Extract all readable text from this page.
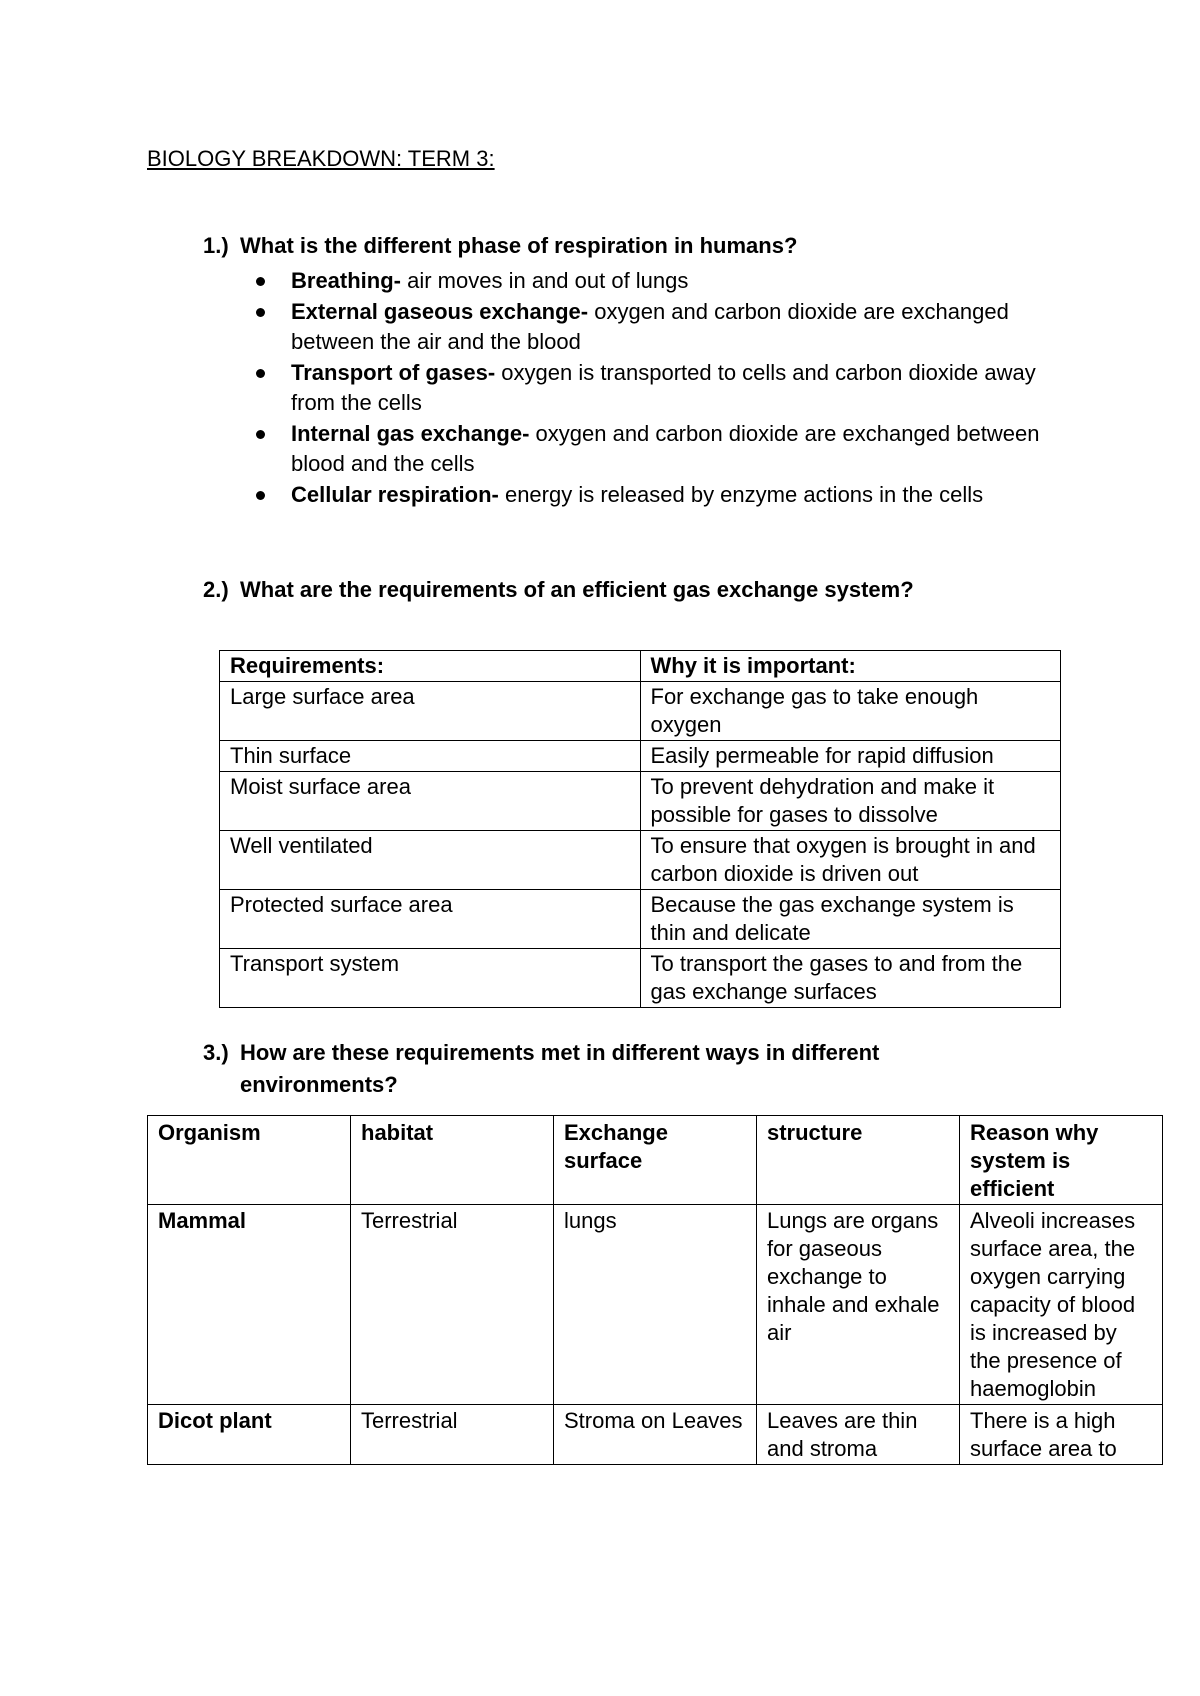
BIOLOGY BREAKDOWN: TERM 3:
1.) What is the different phase of respiration in humans?
Breathing- air moves in and out of lungs
External gaseous exchange- oxygen and carbon dioxide are exchanged between the air and the blood
Transport of gases- oxygen is transported to cells and carbon dioxide away from the cells
Internal gas exchange- oxygen and carbon dioxide are exchanged between blood and the cells
Cellular respiration- energy is released by enzyme actions in the cells
2.) What are the requirements of an efficient gas exchange system?
Requirements:	Why it is important:
Large surface area	For exchange gas to take enough oxygen
Thin surface	Easily permeable for rapid diffusion
Moist surface area	To prevent dehydration and make it possible for gases to dissolve
Well ventilated	To ensure that oxygen is brought in and carbon dioxide is driven out
Protected surface area	Because the gas exchange system is thin and delicate
Transport system	To transport the gases to and from the gas exchange surfaces
3.) How are these requirements met in different ways in different
environments?
Organism	habitat	Exchange surface	structure	Reason why system is efficient
Mammal	Terrestrial	lungs	Lungs are organs for gaseous exchange to inhale and exhale air	Alveoli increases surface area, the oxygen carrying capacity of blood is increased by the presence of haemoglobin
Dicot plant	Terrestrial	Stroma on Leaves	Leaves are thin and stroma	There is a high surface area to
